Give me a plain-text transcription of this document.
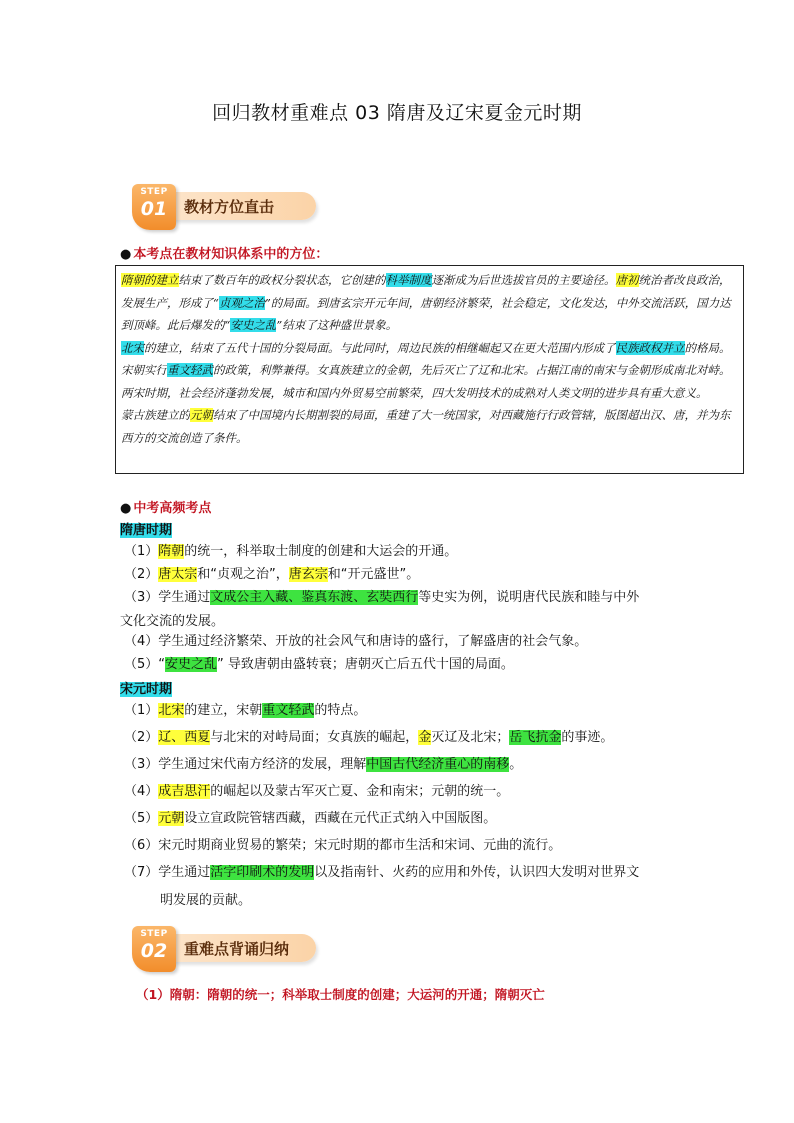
回归教材重难点 03 隋唐及辽宋夏金元时期
STEP
01	教材方位直击
● 本考点在教材知识体系中的方位：

隋朝的建立结束了数百年的政权分裂状态，它创建的科举制度逐渐成为后世选拔官员的主要途径。唐初统治者改良政治，发展生产，形成了“贞观之治”的局面。到唐玄宗开元年间，唐朝经济繁荣，社会稳定，文化发达，中外交流活跃，国力达到顶峰。此后爆发的“安史之乱”结束了这种盛世景象。

北宋的建立，结束了五代十国的分裂局面。与此同时，周边民族的相继崛起又在更大范围内形成了民族政权并立的格局。宋朝实行重文轻武的政策，利弊兼得。女真族建立的金朝，先后灭亡了辽和北宋。占据江南的南宋与金朝形成南北对峙。两宋时期，社会经济蓬勃发展，城市和国内外贸易空前繁荣，四大发明技术的成熟对人类文明的进步具有重大意义。

蒙古族建立的元朝结束了中国境内长期割裂的局面，重建了大一统国家，对西藏施行行政管辖，版图超出汉、唐，并为东西方的交流创造了条件。

● 中考高频考点
隋唐时期
（1）隋朝的统一，科举取士制度的创建和大运会的开通。
（2）唐太宗和“贞观之治”，唐玄宗和“开元盛世”。
（3）学生通过文成公主入藏、鉴真东渡、玄奘西行等史实为例，说明唐代民族和睦与中外
文化交流的发展。
（4）学生通过经济繁荣、开放的社会风气和唐诗的盛行，了解盛唐的社会气象。
（5）“安史之乱” 导致唐朝由盛转衰；唐朝灭亡后五代十国的局面。
宋元时期
（1）北宋的建立，宋朝重文轻武的特点。
（2）辽、西夏与北宋的对峙局面；女真族的崛起，金灭辽及北宋；岳飞抗金的事迹。
（3）学生通过宋代南方经济的发展，理解中国古代经济重心的南移。
（4）成吉思汗的崛起以及蒙古军灭亡夏、金和南宋；元朝的统一。
（5）元朝设立宣政院管辖西藏，西藏在元代正式纳入中国版图。
（6）宋元时期商业贸易的繁荣；宋元时期的都市生活和宋词、元曲的流行。
（7）学生通过活字印刷术的发明以及指南针、火药的应用和外传，认识四大发明对世界文
明发展的贡献。
STEP
02	重难点背诵归纳
（1）隋朝：隋朝的统一；科举取士制度的创建；大运河的开通；隋朝灭亡
